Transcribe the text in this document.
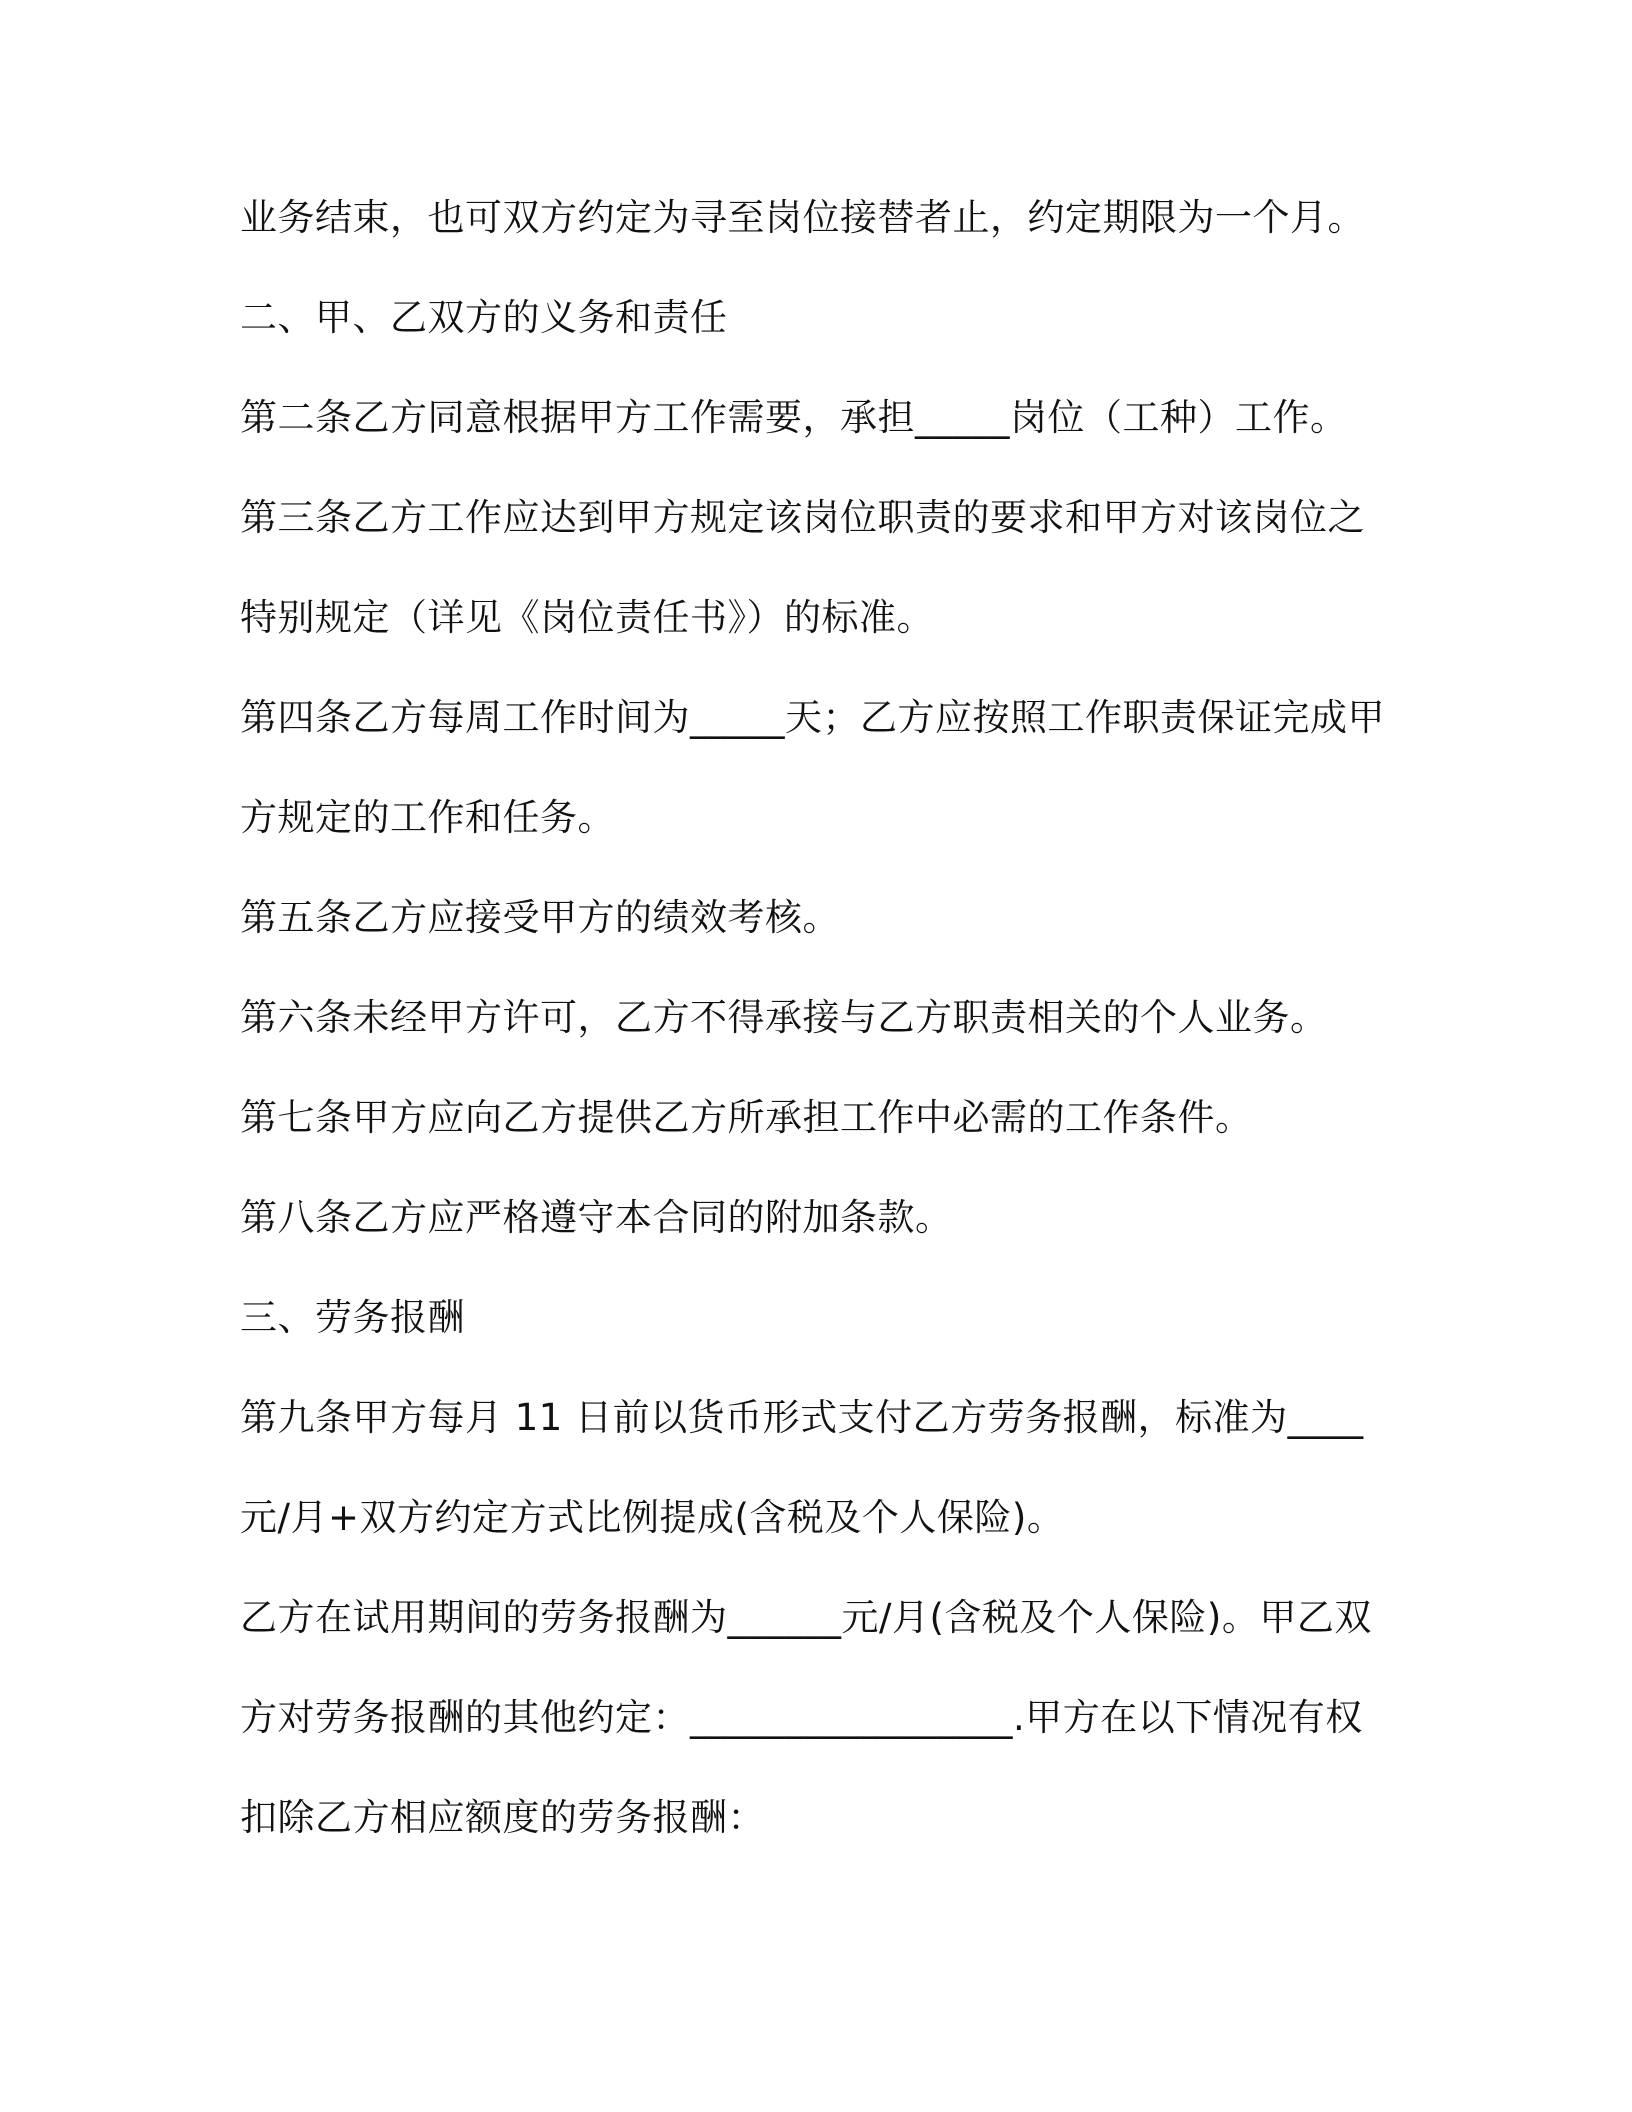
业务结束，也可双方约定为寻至岗位接替者止，约定期限为一个月。
二、甲、乙双方的义务和责任
第二条乙方同意根据甲方工作需要，承担_____岗位（工种）工作。
第三条乙方工作应达到甲方规定该岗位职责的要求和甲方对该岗位之
特别规定（详见《岗位责任书》）的标准。
第四条乙方每周工作时间为_____天；乙方应按照工作职责保证完成甲
方规定的工作和任务。
第五条乙方应接受甲方的绩效考核。
第六条未经甲方许可，乙方不得承接与乙方职责相关的个人业务。
第七条甲方应向乙方提供乙方所承担工作中必需的工作条件。
第八条乙方应严格遵守本合同的附加条款。
三、劳务报酬
第九条甲方每月 11 日前以货币形式支付乙方劳务报酬，标准为____
元/月+双方约定方式比例提成(含税及个人保险)。
乙方在试用期间的劳务报酬为______元/月(含税及个人保险)。甲乙双
方对劳务报酬的其他约定：_________________.甲方在以下情况有权
扣除乙方相应额度的劳务报酬：
